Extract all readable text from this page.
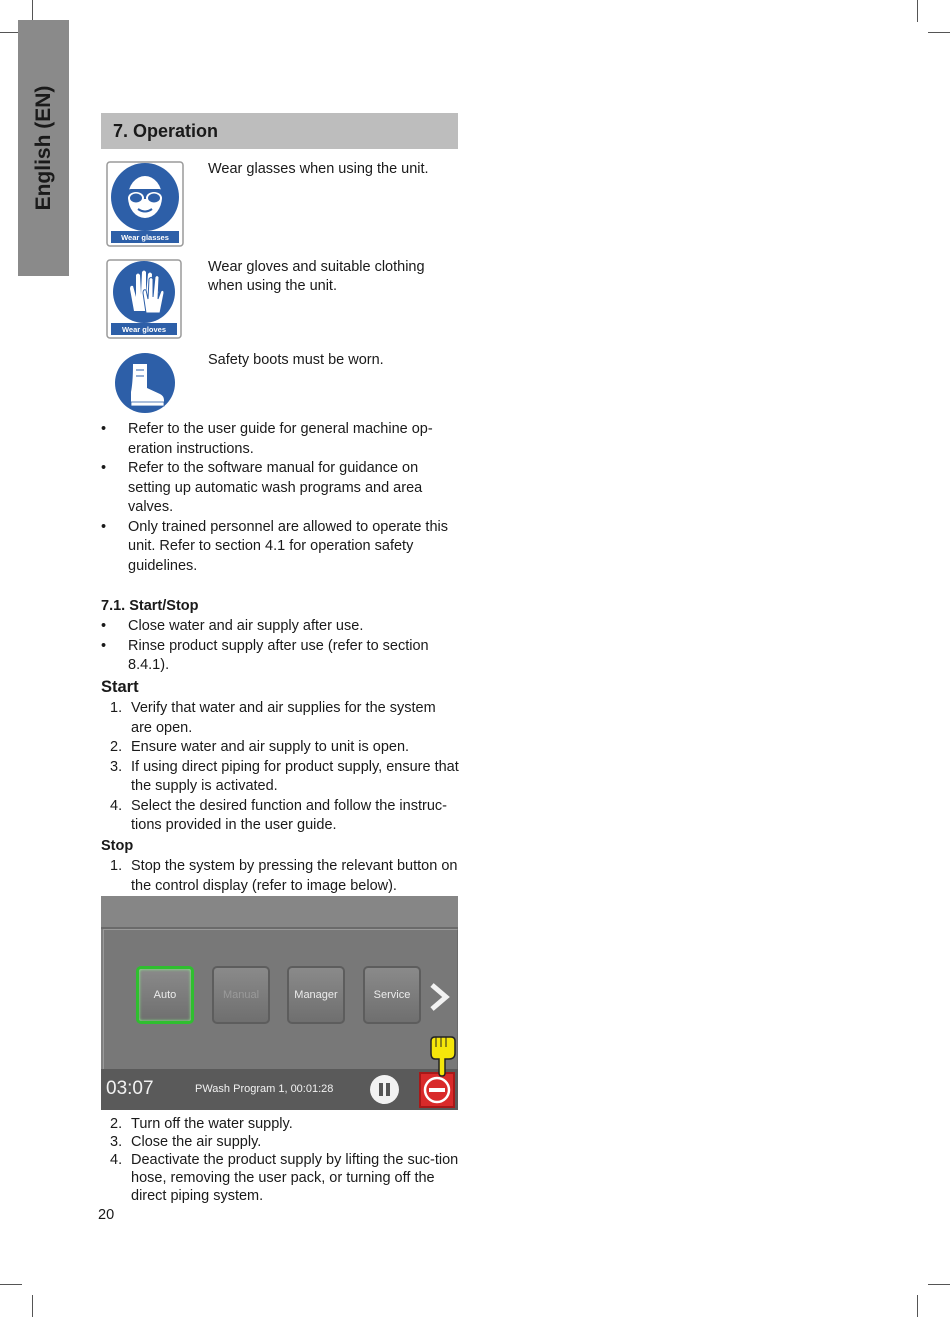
English (EN)	7. Operation
Wear glasses
Wear glasses when using the unit.
Wear gloves
Wear gloves and suitable clothing when using the unit.
Safety boots must be worn.
• Refer to the user guide for general machine op-eration instructions.
• Refer to the software manual for guidance on setting up automatic wash programs and area valves.
• Only trained personnel are allowed to operate this unit. Refer to section 4.1 for operation safety guidelines.
7.1. Start/Stop
• Close water and air supply after use.
• Rinse product supply after use (refer to section 8.4.1).
Start
1. Verify that water and air supplies for the system are open.
2. Ensure water and air supply to unit is open.
3. If using direct piping for product supply, ensure that the supply is activated.
4. Select the desired function and follow the instruc-tions provided in the user guide.
Stop
1. Stop the system by pressing the relevant button on the control display (refer to image below).
Auto	Manual	Manager	Service
03:07	PWash Program 1, 00:01:28
2. Turn off the water supply.
3. Close the air supply.
4. Deactivate the product supply by lifting the suc-tion hose, removing the user pack, or turning off the direct piping system.
20
